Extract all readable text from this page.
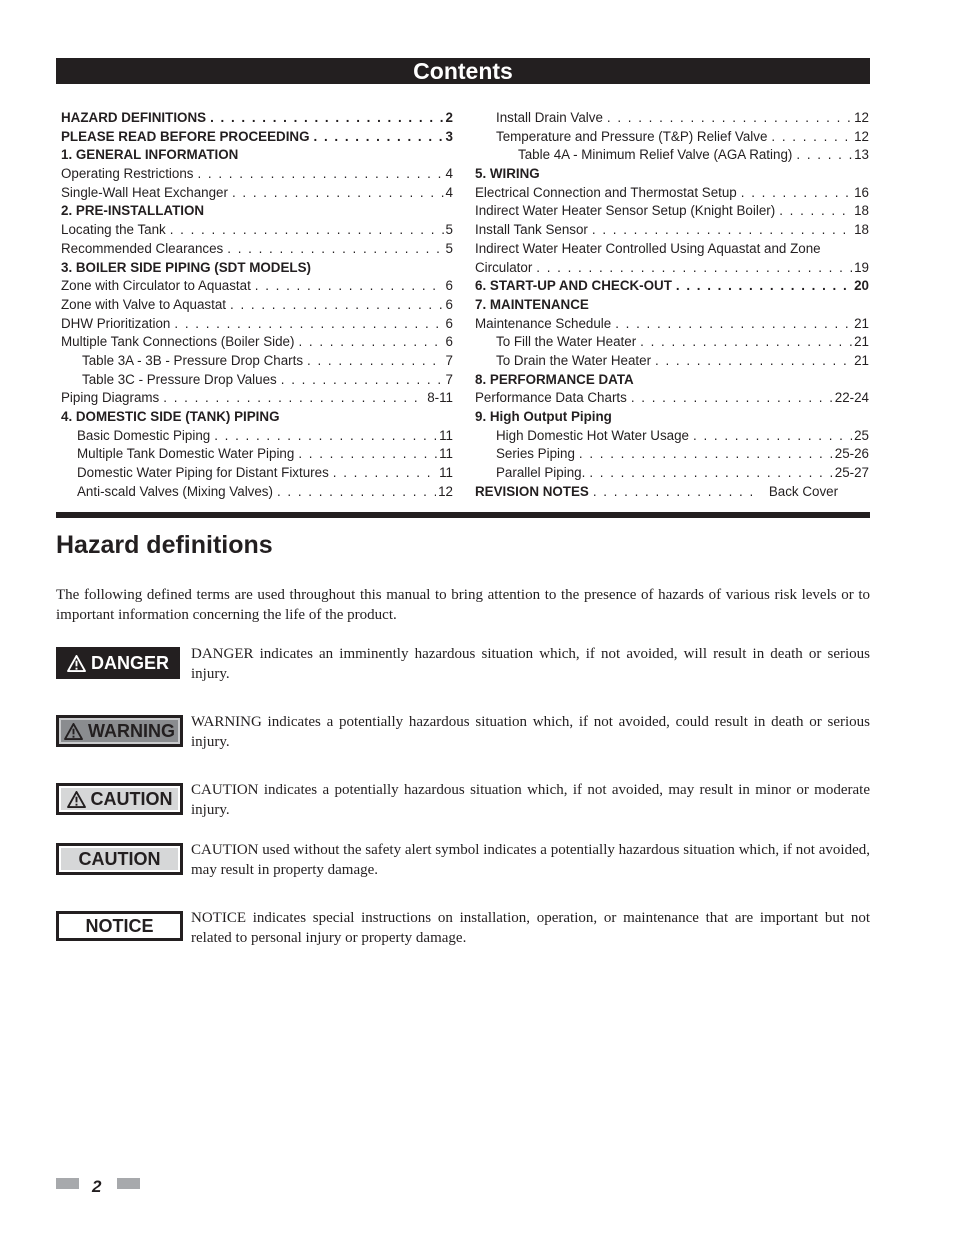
Contents
HAZARD DEFINITIONS . . .	2
PLEASE READ BEFORE PROCEEDING . . .	3
1. GENERAL INFORMATION
Operating Restrictions . . .	4
Single-Wall Heat Exchanger . . .	4
2. PRE-INSTALLATION
Locating the Tank . . .	5
Recommended Clearances . . .	5
3. BOILER SIDE PIPING (SDT MODELS)
Zone with Circulator to Aquastat . . .	6
Zone with Valve to Aquastat . . .	6
DHW Prioritization . . .	6
Multiple Tank Connections (Boiler Side) . . .	6
Table 3A - 3B - Pressure Drop Charts . . .	7
Table 3C - Pressure Drop Values . . .	7
Piping Diagrams . . .	8-11
4. DOMESTIC SIDE (TANK) PIPING
Basic Domestic Piping . . .	11
Multiple Tank Domestic Water Piping . . .	11
Domestic Water Piping for Distant Fixtures . . .	11
Anti-scald Valves (Mixing Valves) . . .	12
Install Drain Valve . . .	12
Temperature and Pressure (T&P) Relief Valve . . .	12
Table 4A - Minimum Relief Valve (AGA Rating) . . .	13
5. WIRING
Electrical Connection and Thermostat Setup . . .	16
Indirect Water Heater Sensor Setup (Knight Boiler) . . .	18
Install Tank Sensor . . .	18
Indirect Water Heater Controlled Using Aquastat and Zone
Circulator . . .	19
6. START-UP AND CHECK-OUT . . .	20
7. MAINTENANCE
Maintenance Schedule . . .	21
To Fill the Water Heater . . .	21
To Drain the Water Heater . . .	21
8. PERFORMANCE DATA
Performance Data Charts . . .	22-24
9. High Output Piping
High Domestic Hot Water Usage . . .	25
Series Piping . . .	25-26
Parallel Piping. . . .	25-27
REVISION NOTES . . .	Back Cover
Hazard definitions

The following defined terms are used throughout this manual to bring attention to the presence of hazards of various risk levels or to important information concerning the life of the product.

DANGER DANGER indicates an imminently hazardous situation which, if not avoided, will result in death or serious injury.

WARNING WARNING indicates a potentially hazardous situation which, if not avoided, could result in death or serious injury.

CAUTION CAUTION indicates a potentially hazardous situation which, if not avoided, may result in minor or moderate injury.

CAUTION CAUTION used without the safety alert symbol indicates a potentially hazardous situation which, if not avoided, may result in property damage.

NOTICE	NOTICE indicates special instructions on installation, operation, or maintenance that are important but not related to personal injury or property damage.

2
